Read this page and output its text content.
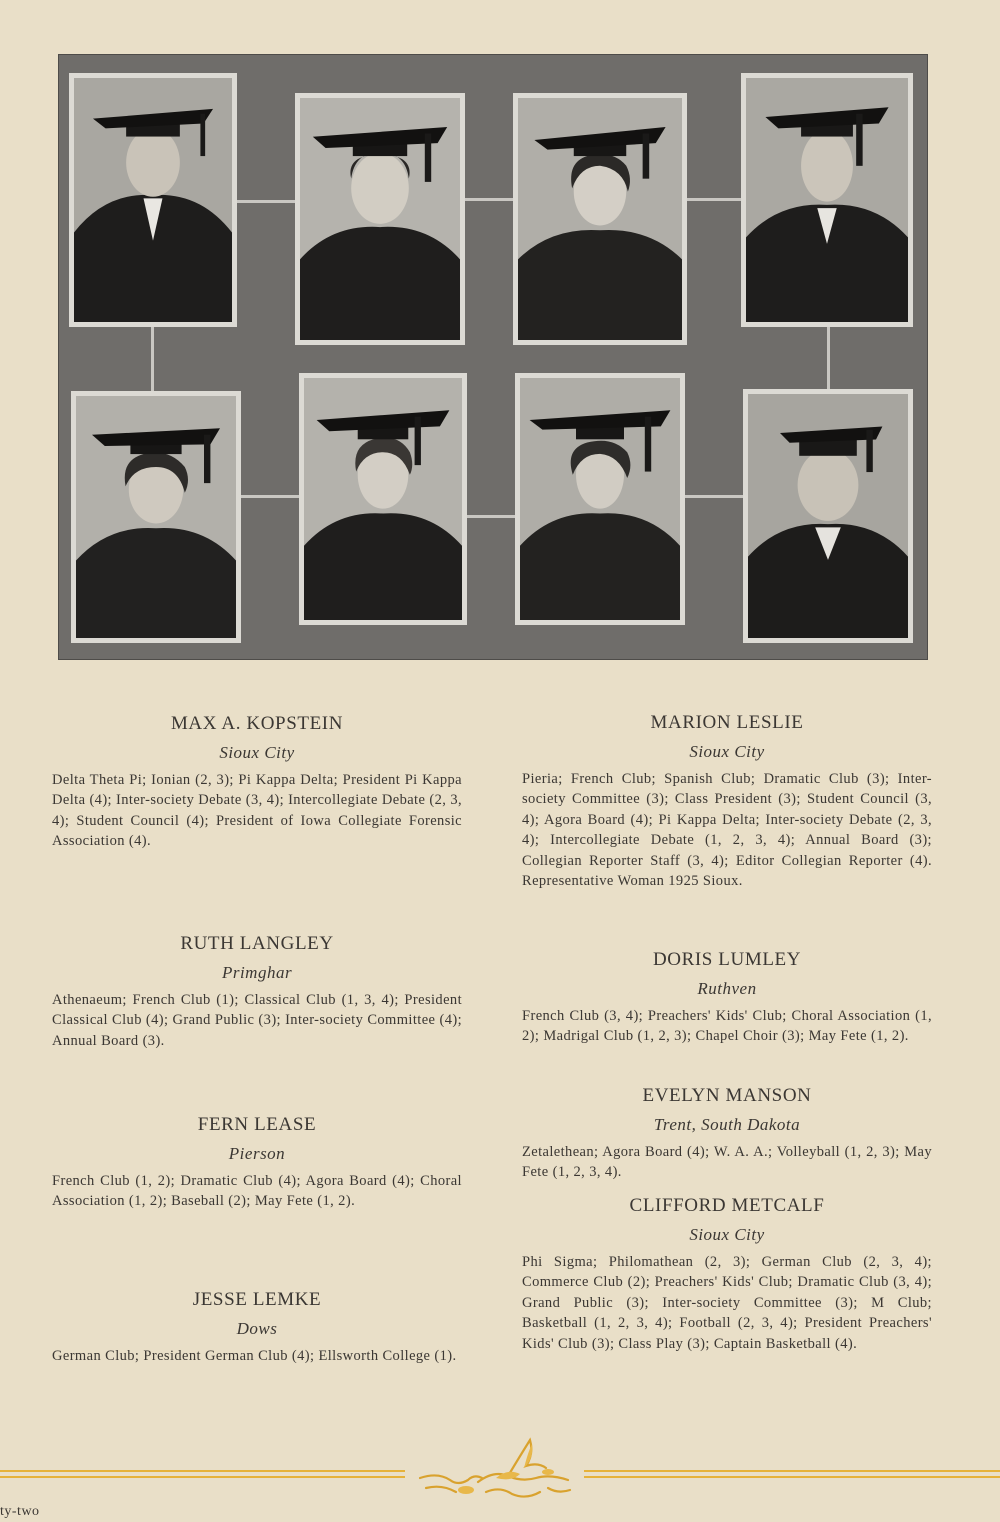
MAX A. KOPSTEIN
Sioux City
Delta Theta Pi; Ionian (2, 3); Pi Kappa Delta; President Pi Kappa Delta (4); Inter-society Debate (3, 4); Intercollegiate Debate (2, 3, 4); Student Council (4); President of Iowa Collegiate Forensic Association (4).
RUTH LANGLEY
Primghar
Athenaeum; French Club (1); Classical Club (1, 3, 4); President Classical Club (4); Grand Public (3); Inter-society Committee (4); Annual Board (3).
FERN LEASE
Pierson
French Club (1, 2); Dramatic Club (4); Agora Board (4); Choral Association (1, 2); Baseball (2); May Fete (1, 2).
JESSE LEMKE
Dows
German Club; President German Club (4); Ellsworth College (1).
MARION LESLIE
Sioux City
Pieria; French Club; Spanish Club; Dramatic Club (3); Inter-society Committee (3); Class President (3); Student Council (3, 4); Agora Board (4); Pi Kappa Delta; Inter-society Debate (2, 3, 4); Intercollegiate Debate (1, 2, 3, 4); Annual Board (3); Collegian Reporter Staff (3, 4); Editor Collegian Reporter (4). Representative Woman 1925 Sioux.
DORIS LUMLEY
Ruthven
French Club (3, 4); Preachers' Kids' Club; Choral Association (1, 2); Madrigal Club (1, 2, 3); Chapel Choir (3); May Fete (1, 2).
EVELYN MANSON
Trent, South Dakota
Zetalethean; Agora Board (4); W. A. A.; Volleyball (1, 2, 3); May Fete (1, 2, 3, 4).
CLIFFORD METCALF
Sioux City
Phi Sigma; Philomathean (2, 3); German Club (2, 3, 4); Commerce Club (2); Preachers' Kids' Club; Dramatic Club (3, 4); Grand Public (3); Inter-society Committee (3); M Club; Basketball (1, 2, 3, 4); Football (2, 3, 4); President Preachers' Kids' Club (3); Class Play (3); Captain Basketball (4).
ty-two
